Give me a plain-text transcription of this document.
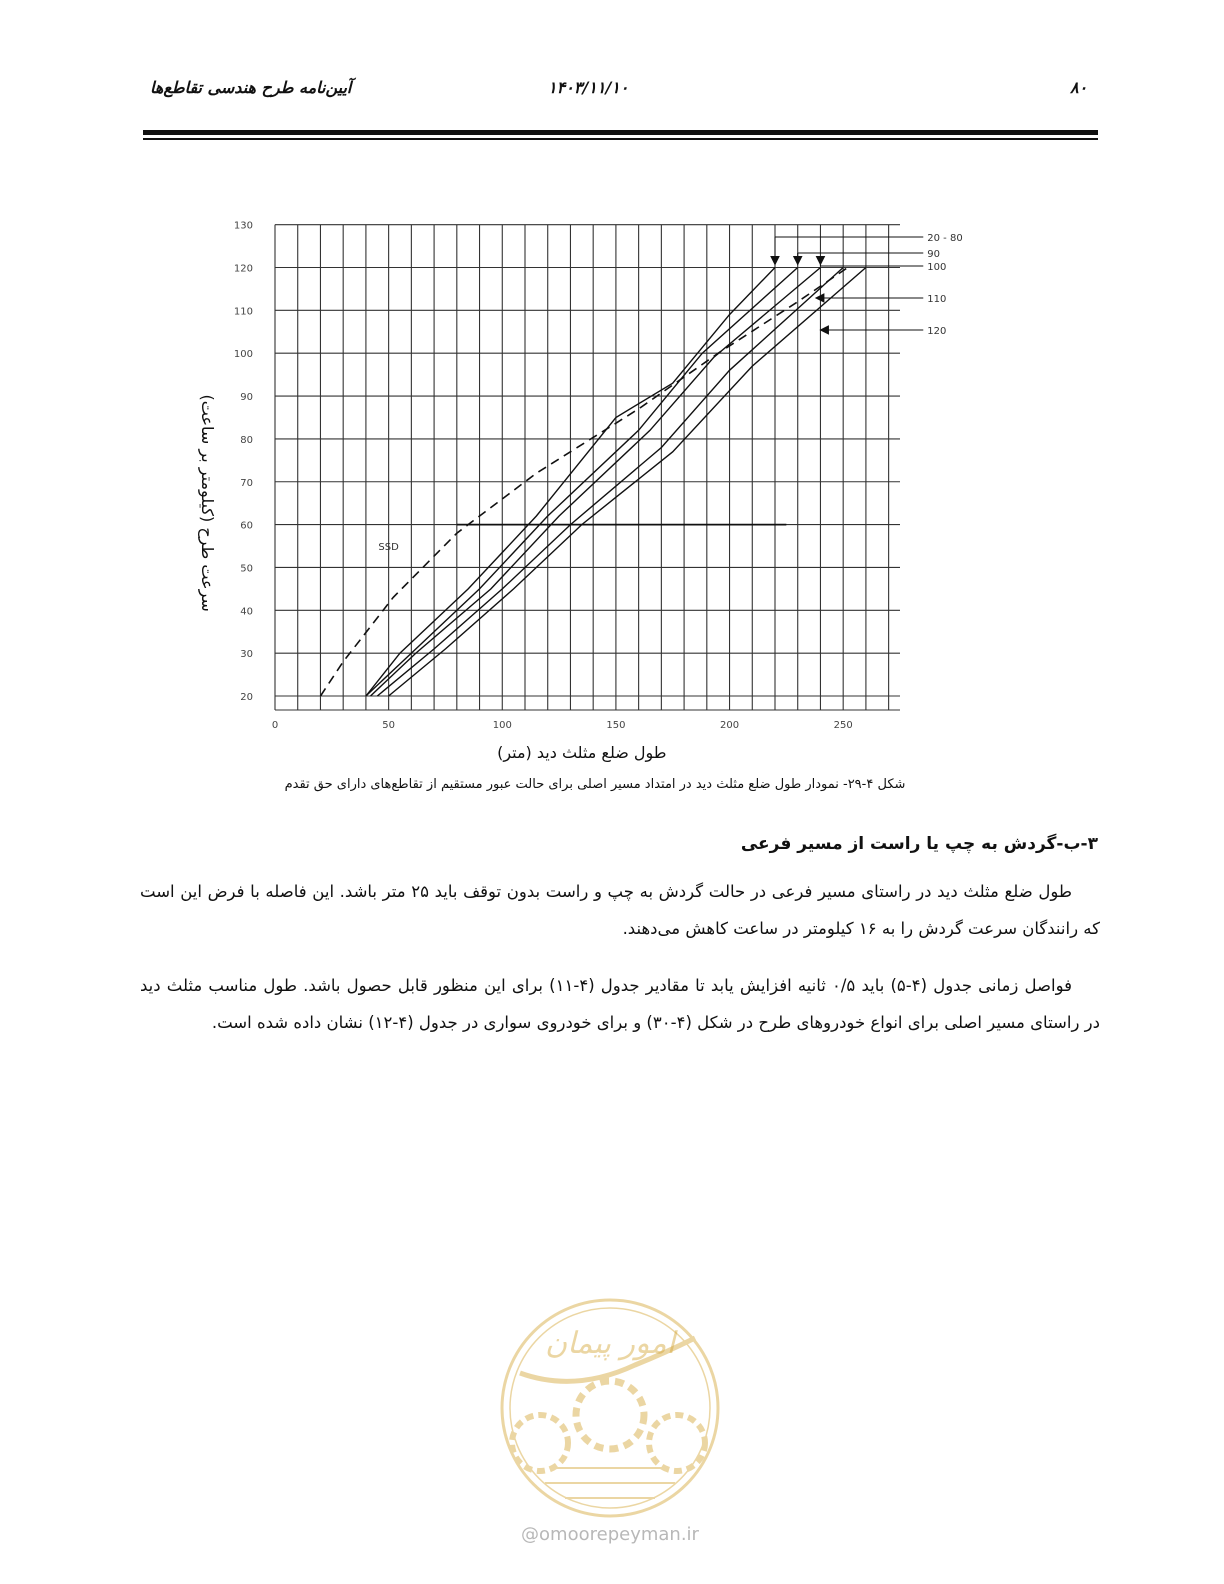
آیین‌نامه طرح هندسی تقاطع‌ها	۱۴۰۳/۱۱/۱۰	۸۰
0	50	100	150	200	250
20
30
40
50
60
70
80
90
100
110
120
130
طول ضلع مثلث دید (متر)
سرعت طرح (کیلومتر بر ساعت)	SSD
20 - 80
90
100
110
120
شکل ۴-۲۹- نمودار طول ضلع مثلث دید در امتداد مسیر اصلی برای حالت عبور مستقیم از تقاطع‌های دارای حق تقدم
۳-ب-گردش به چپ یا راست از مسیر فرعی
طول ضلع مثلث دید در راستای مسیر فرعی در حالت گردش به چپ و راست بدون توقف باید ۲۵ متر باشد. این فاصله با فرض این است که رانندگان سرعت گردش را به ۱۶ کیلومتر در ساعت کاهش می‌دهند.
فواصل زمانی جدول (۴-۵) باید ۰/۵ ثانیه افزایش یابد تا مقادیر جدول (۴-۱۱) برای این منظور قابل حصول باشد. طول مناسب مثلث دید در راستای مسیر اصلی برای انواع خودروهای طرح در شکل (۴-۳۰) و برای خودروی سواری در جدول (۴-۱۲) نشان داده شده است.
امور پیمان
@omoorepeyman.ir
